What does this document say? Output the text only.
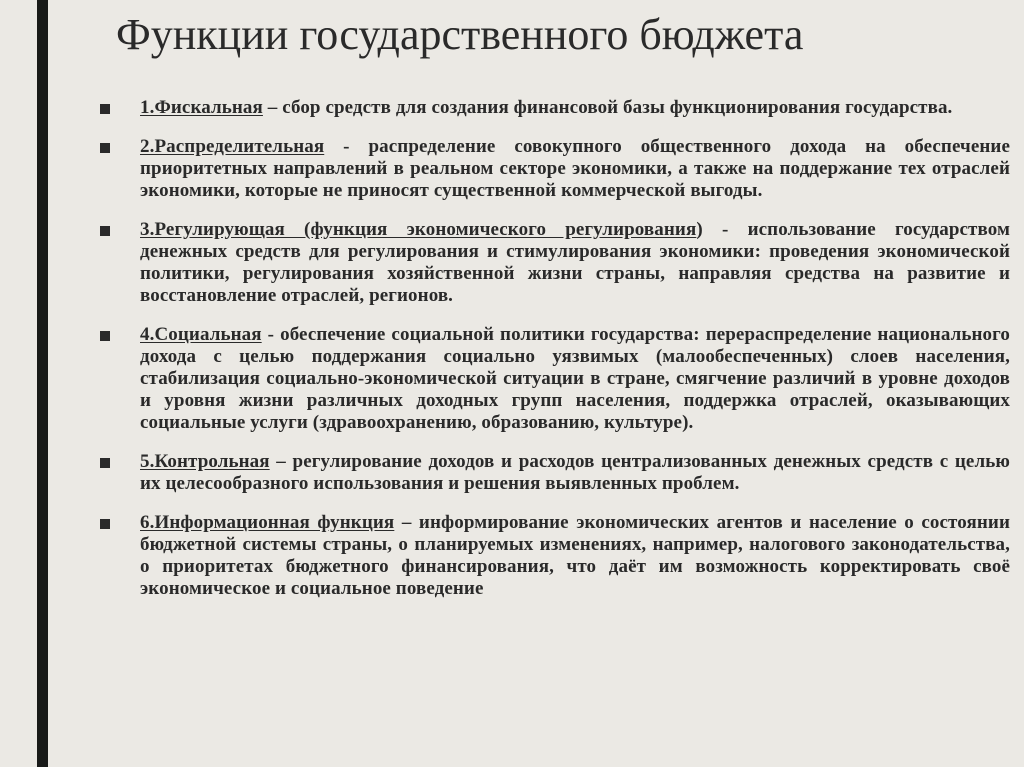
Функции государственного бюджета
1.Фискальная – сбор средств для создания финансовой базы функционирования государства.
2.Распределительная - распределение совокупного общественного дохода на обеспечение приоритетных направлений в реальном секторе экономики, а также на поддержание тех отраслей экономики, которые не приносят существенной коммерческой выгоды.
3.Регулирующая (функция экономического регулирования) - использование государством денежных средств для регулирования и стимулирования экономики: проведения экономической политики, регулирования хозяйственной жизни страны, направляя средства на развитие и восстановление отраслей, регионов.
4.Социальная - обеспечение социальной политики государства: перераспределение национального дохода с целью поддержания социально уязвимых (малообеспеченных) слоев населения, стабилизация социально-экономической ситуации в стране, смягчение различий в уровне доходов и уровня жизни различных доходных групп населения, поддержка отраслей, оказывающих социальные услуги (здравоохранению, образованию, культуре).
5.Контрольная – регулирование доходов и расходов централизованных денежных средств с целью их целесообразного использования и решения выявленных проблем.
6.Информационная функция – информирование экономических агентов и население о состоянии бюджетной системы страны, о планируемых изменениях, например, налогового законодательства, о приоритетах бюджетного финансирования, что даёт им возможность корректировать своё экономическое и социальное поведение
